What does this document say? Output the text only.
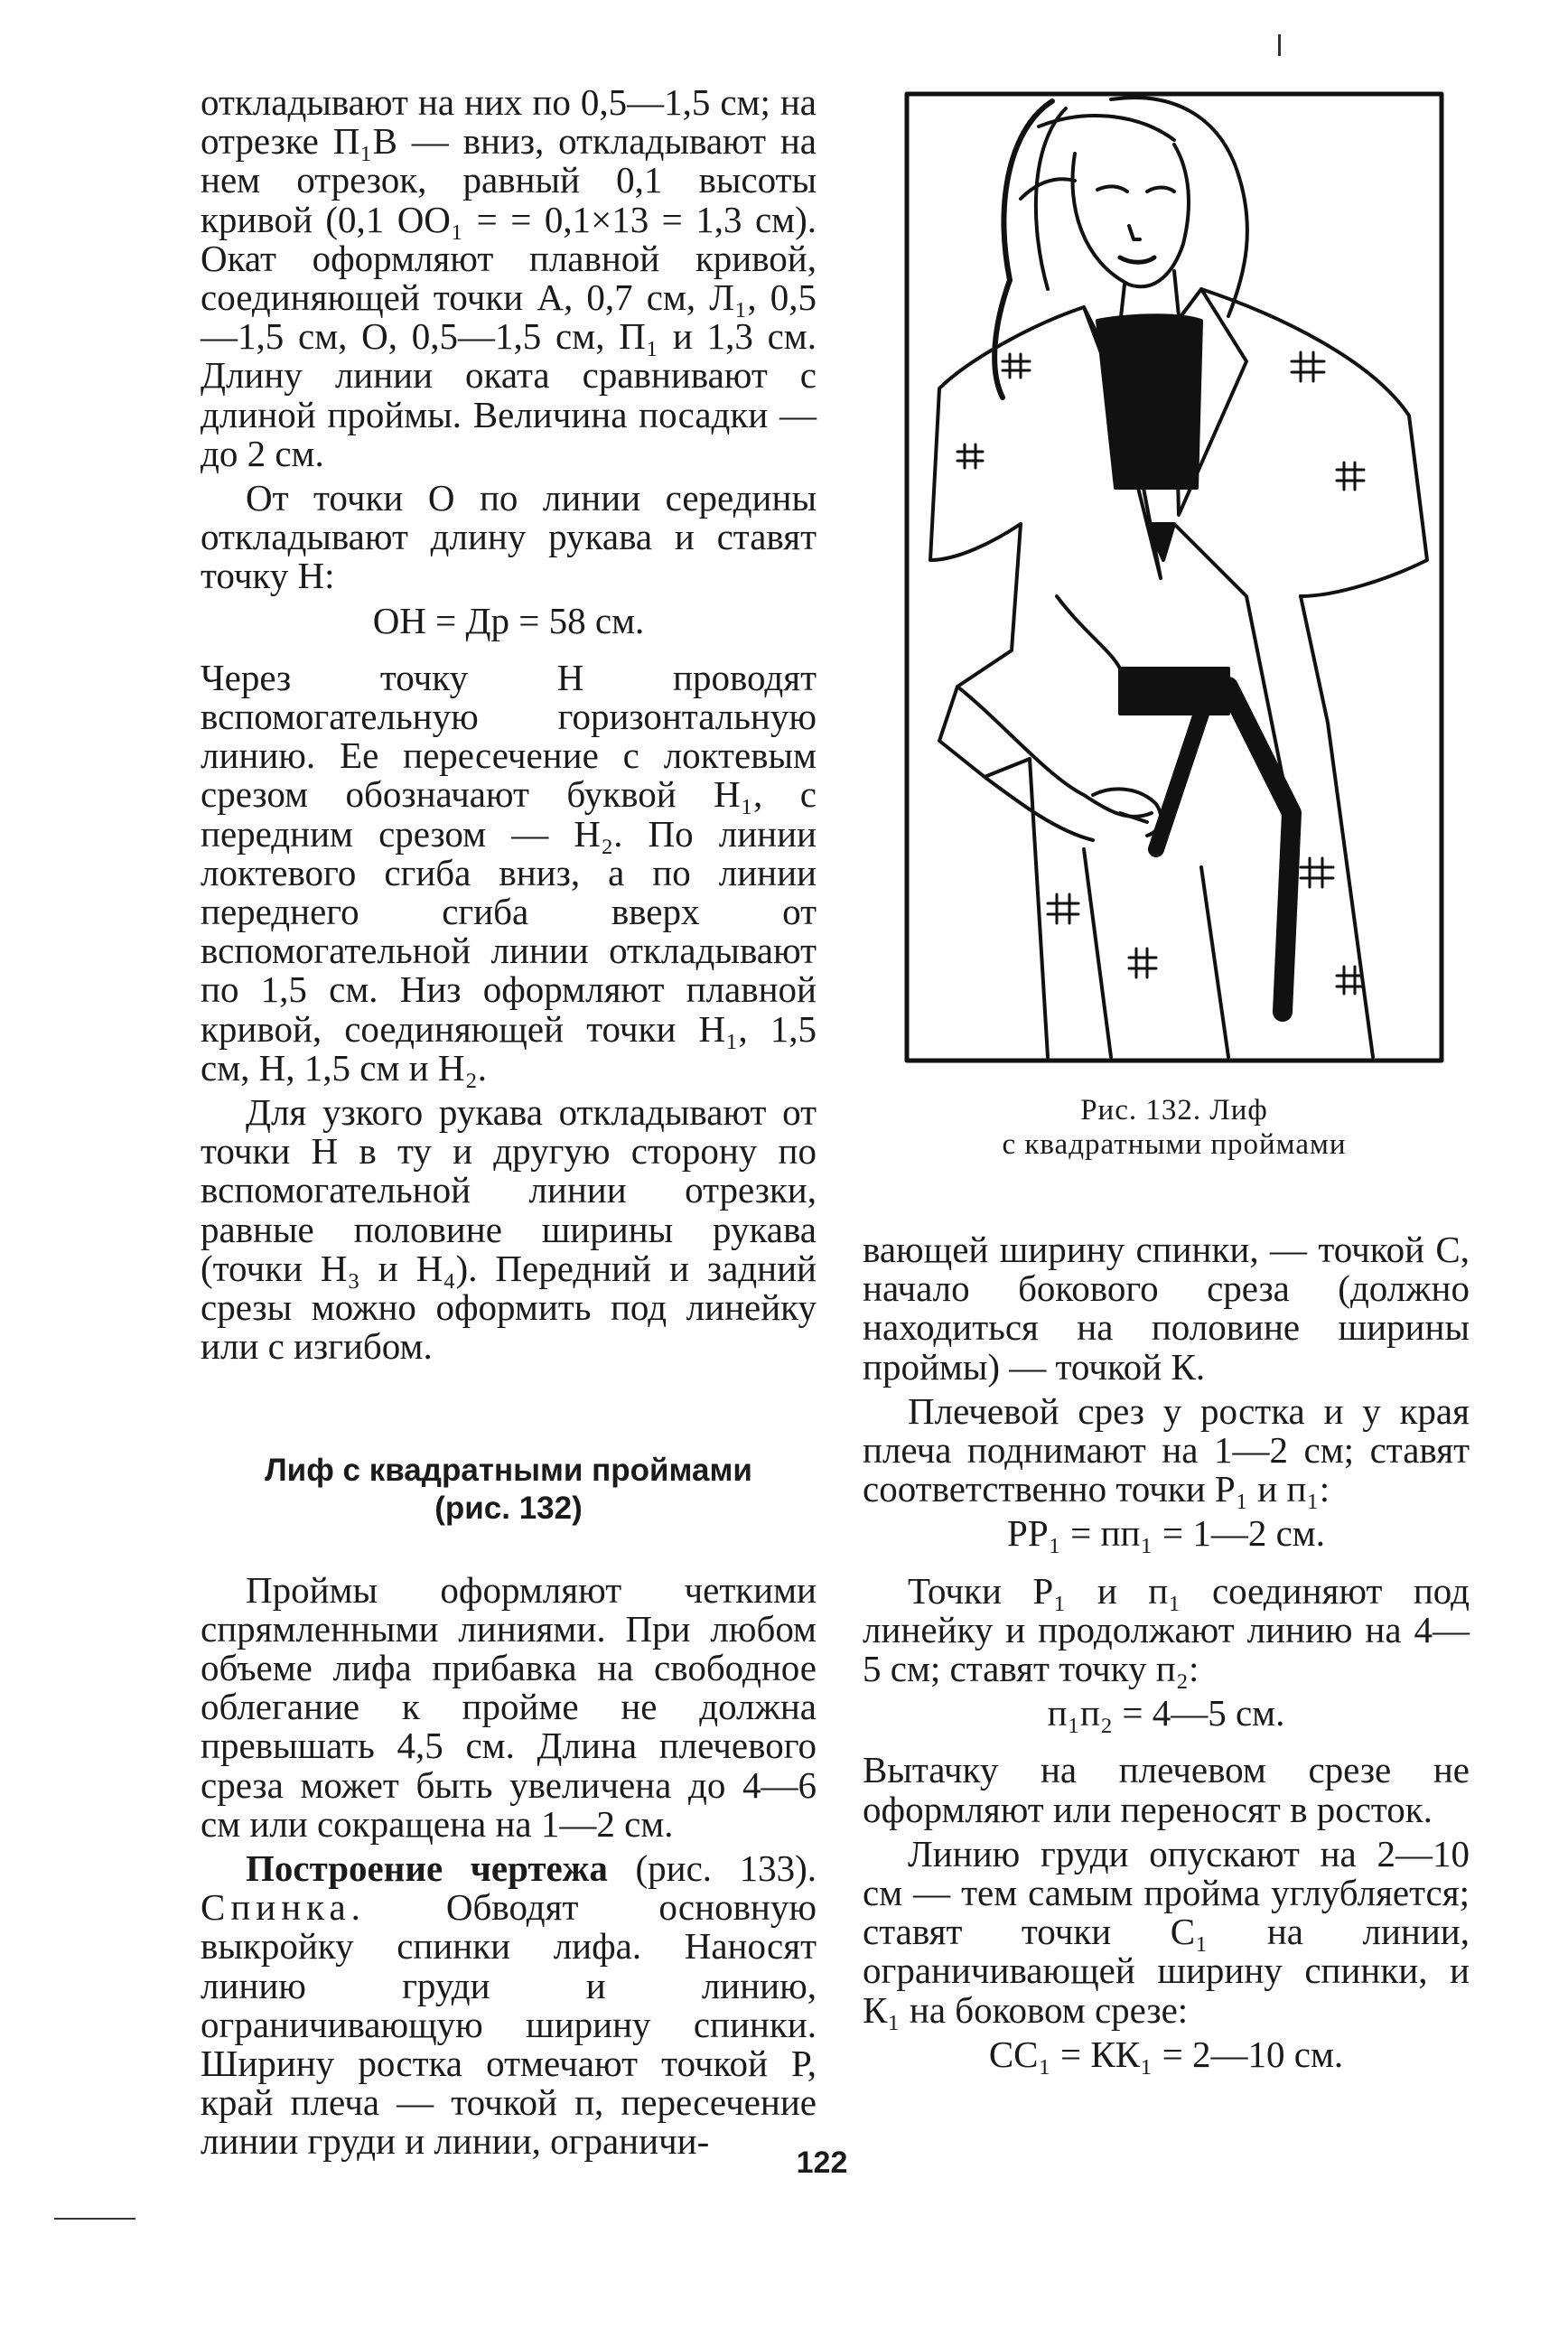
откладывают на них по 0,5—1,5 см; на отрезке П₁В — вниз, откладывают на нем отрезок, равный 0,1 высоты кривой (0,1 ОО₁ = = 0,1×13 = 1,3 см). Окат оформляют плавной кривой, соединяющей точки А, 0,7 см, Л₁, 0,5—1,5 см, О, 0,5—1,5 см, П₁ и 1,3 см. Длину линии оката сравнивают с длиной проймы. Величина посадки — до 2 см.

От точки О по линии середины откладывают длину рукава и ставят точку Н:

ОН = Др = 58 см.

Через точку Н проводят вспомогательную горизонтальную линию. Ее пересечение с локтевым срезом обозначают буквой Н₁, с передним срезом — Н₂. По линии локтевого сгиба вниз, а по линии переднего сгиба вверх от вспомогательной линии откладывают по 1,5 см. Низ оформляют плавной кривой, соединяющей точки Н₁, 1,5 см, Н, 1,5 см и Н₂.

Для узкого рукава откладывают от точки Н в ту и другую сторону по вспомогательной линии отрезки, равные половине ширины рукава (точки Н₃ и Н₄). Передний и задний срезы можно оформить под линейку или с изгибом.

Лиф с квадратными проймами
(рис. 132)

Проймы оформляют четкими спрямленными линиями. При любом объеме лифа прибавка на свободное облегание к пройме не должна превышать 4,5 см. Длина плечевого среза может быть увеличена до 4—6 см или сокращена на 1—2 см.

Построение чертежа (рис. 133). Спинка. Обводят основную выкройку спинки лифа. Наносят линию груди и линию, ограничивающую ширину спинки. Ширину ростка отмечают точкой Р, край плеча — точкой п, пересечение линии груди и линии, ограничи-

Рис. 132. Лиф
с квадратными проймами

вающей ширину спинки, — точкой С, начало бокового среза (должно находиться на половине ширины проймы) — точкой К.

Плечевой срез у ростка и у края плеча поднимают на 1—2 см; ставят соответственно точки Р₁ и п₁:

РР₁ = пп₁ = 1—2 см.

Точки Р₁ и п₁ соединяют под линейку и продолжают линию на 4—5 см; ставят точку п₂:

п₁п₂ = 4—5 см.

Вытачку на плечевом срезе не оформляют или переносят в росток.

Линию груди опускают на 2—10 см — тем самым пройма углубляется; ставят точки С₁ на линии, ограничивающей ширину спинки, и К₁ на боковом срезе:

СС₁ = КК₁ = 2—10 см.

122
